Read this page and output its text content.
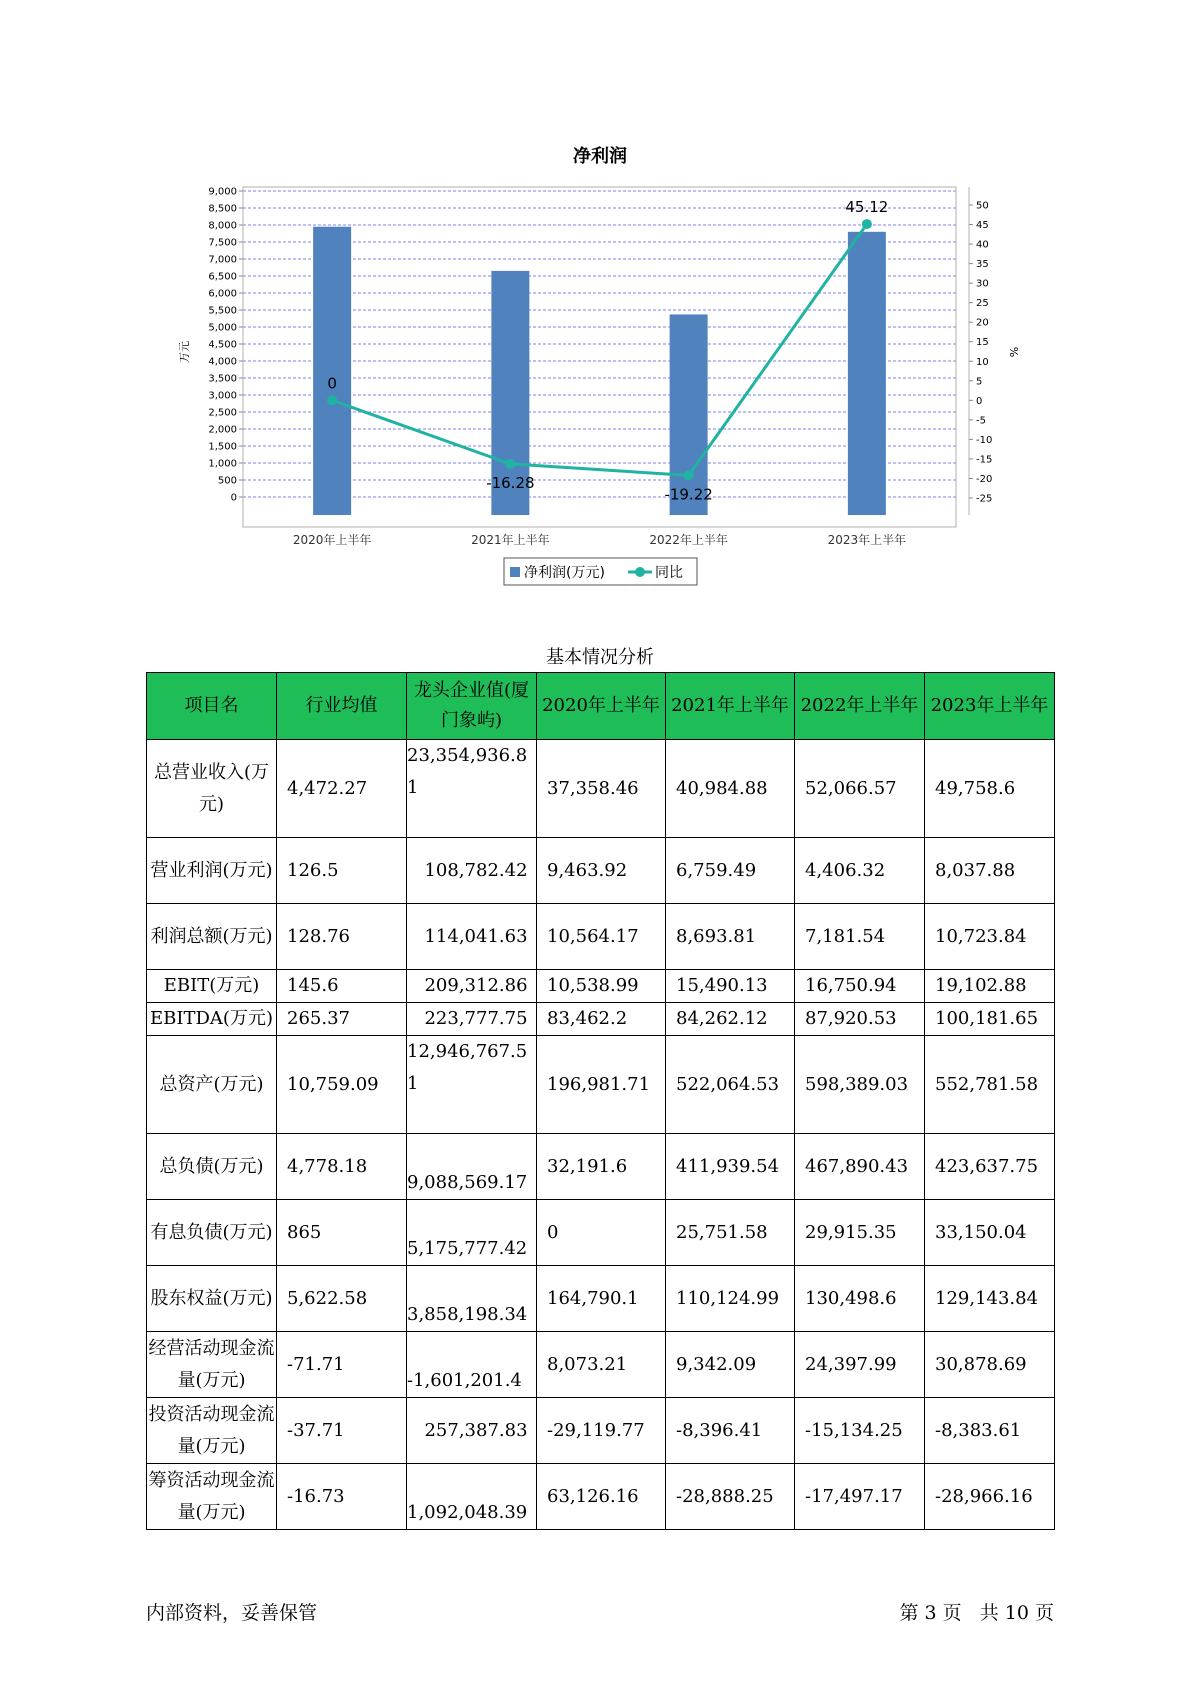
净利润
0
500
1,000
1,500
2,000
2,500
3,000
3,500
4,000
4,500
5,000
5,500
6,000
6,500
7,000
7,500
8,000
8,500
9,000
-25
-20
-15
-10
-5
0
5
10
15
20
25
30
35
40
45
50
万元	%
0
-16.28
-19.22
45.12
2020年上半年	2021年上半年	2022年上半年	2023年上半年
净利润(万元)	同比
基本情况分析
项目名	行业均值	龙头企业值(厦门象屿)	2020年上半年	2021年上半年	2022年上半年	2023年上半年
总营业收入(万元)	4,472.27	23,354,936.81	37,358.46	40,984.88	52,066.57	49,758.6
营业利润(万元)	126.5	108,782.42	9,463.92	6,759.49	4,406.32	8,037.88
利润总额(万元)	128.76	114,041.63	10,564.17	8,693.81	7,181.54	10,723.84
EBIT(万元)	145.6	209,312.86	10,538.99	15,490.13	16,750.94	19,102.88
EBITDA(万元)	265.37	223,777.75	83,462.2	84,262.12	87,920.53	100,181.65
总资产(万元)	10,759.09	12,946,767.51	196,981.71	522,064.53	598,389.03	552,781.58
总负债(万元)	4,778.18	9,088,569.17	32,191.6	411,939.54	467,890.43	423,637.75
有息负债(万元)	865	5,175,777.42	0	25,751.58	29,915.35	33,150.04
股东权益(万元)	5,622.58	3,858,198.34	164,790.1	110,124.99	130,498.6	129,143.84
经营活动现金流量(万元)	-71.71	-1,601,201.4	8,073.21	9,342.09	24,397.99	30,878.69
投资活动现金流量(万元)	-37.71	257,387.83	-29,119.77	-8,396.41	-15,134.25	-8,383.61
筹资活动现金流量(万元)	-16.73	1,092,048.39	63,126.16	-28,888.25	-17,497.17	-28,966.16
内部资料，妥善保管	第 3 页   共 10 页
